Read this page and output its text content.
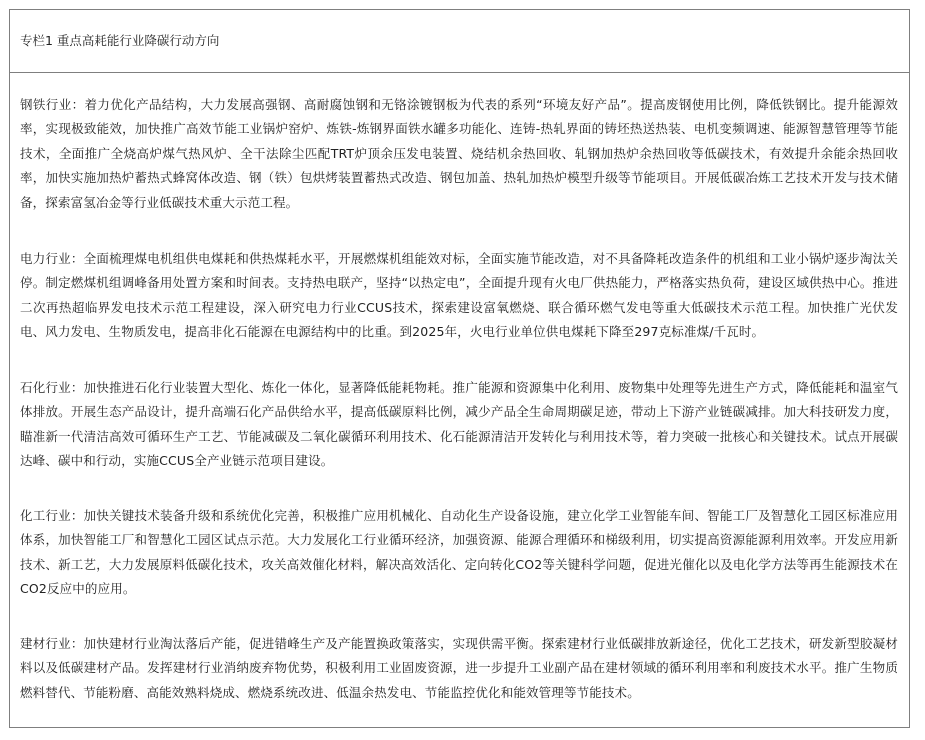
专栏1 重点高耗能行业降碳行动方向

钢铁行业：着力优化产品结构，大力发展高强钢、高耐腐蚀钢和无铬涂镀钢板为代表的系列“环境友好产品”。提高废钢使用比例，降低铁钢比。提升能源效率，实现极致能效，加快推广高效节能工业锅炉窑炉、炼铁-炼钢界面铁水罐多功能化、连铸-热轧界面的铸坯热送热装、电机变频调速、能源智慧管理等节能技术，全面推广全烧高炉煤气热风炉、全干法除尘匹配TRT炉顶余压发电装置、烧结机余热回收、轧钢加热炉余热回收等低碳技术，有效提升余能余热回收率，加快实施加热炉蓄热式蜂窝体改造、钢（铁）包烘烤装置蓄热式改造、钢包加盖、热轧加热炉模型升级等节能项目。开展低碳冶炼工艺技术开发与技术储备，探索富氢冶金等行业低碳技术重大示范工程。

电力行业：全面梳理煤电机组供电煤耗和供热煤耗水平，开展燃煤机组能效对标，全面实施节能改造，对不具备降耗改造条件的机组和工业小锅炉逐步淘汰关停。制定燃煤机组调峰备用处置方案和时间表。支持热电联产，坚持“以热定电”，全面提升现有火电厂供热能力，严格落实热负荷，建设区域供热中心。推进二次再热超临界发电技术示范工程建设，深入研究电力行业CCUS技术，探索建设富氧燃烧、联合循环燃气发电等重大低碳技术示范工程。加快推广光伏发电、风力发电、生物质发电，提高非化石能源在电源结构中的比重。到2025年，火电行业单位供电煤耗下降至297克标准煤/千瓦时。

石化行业：加快推进石化行业装置大型化、炼化一体化，显著降低能耗物耗。推广能源和资源集中化利用、废物集中处理等先进生产方式，降低能耗和温室气体排放。开展生态产品设计，提升高端石化产品供给水平，提高低碳原料比例，减少产品全生命周期碳足迹，带动上下游产业链碳减排。加大科技研发力度，瞄准新一代清洁高效可循环生产工艺、节能减碳及二氧化碳循环利用技术、化石能源清洁开发转化与利用技术等，着力突破一批核心和关键技术。试点开展碳达峰、碳中和行动，实施CCUS全产业链示范项目建设。

化工行业：加快关键技术装备升级和系统优化完善，积极推广应用机械化、自动化生产设备设施，建立化学工业智能车间、智能工厂及智慧化工园区标准应用体系，加快智能工厂和智慧化工园区试点示范。大力发展化工行业循环经济，加强资源、能源合理循环和梯级利用，切实提高资源能源利用效率。开发应用新技术、新工艺，大力发展原料低碳化技术，攻关高效催化材料，解决高效活化、定向转化CO2等关键科学问题，促进光催化以及电化学方法等再生能源技术在CO2反应中的应用。

建材行业：加快建材行业淘汰落后产能，促进错峰生产及产能置换政策落实，实现供需平衡。探索建材行业低碳排放新途径，优化工艺技术，研发新型胶凝材料以及低碳建材产品。发挥建材行业消纳废弃物优势，积极利用工业固废资源，进一步提升工业副产品在建材领域的循环利用率和利废技术水平。推广生物质燃料替代、节能粉磨、高能效熟料烧成、燃烧系统改进、低温余热发电、节能监控优化和能效管理等节能技术。
